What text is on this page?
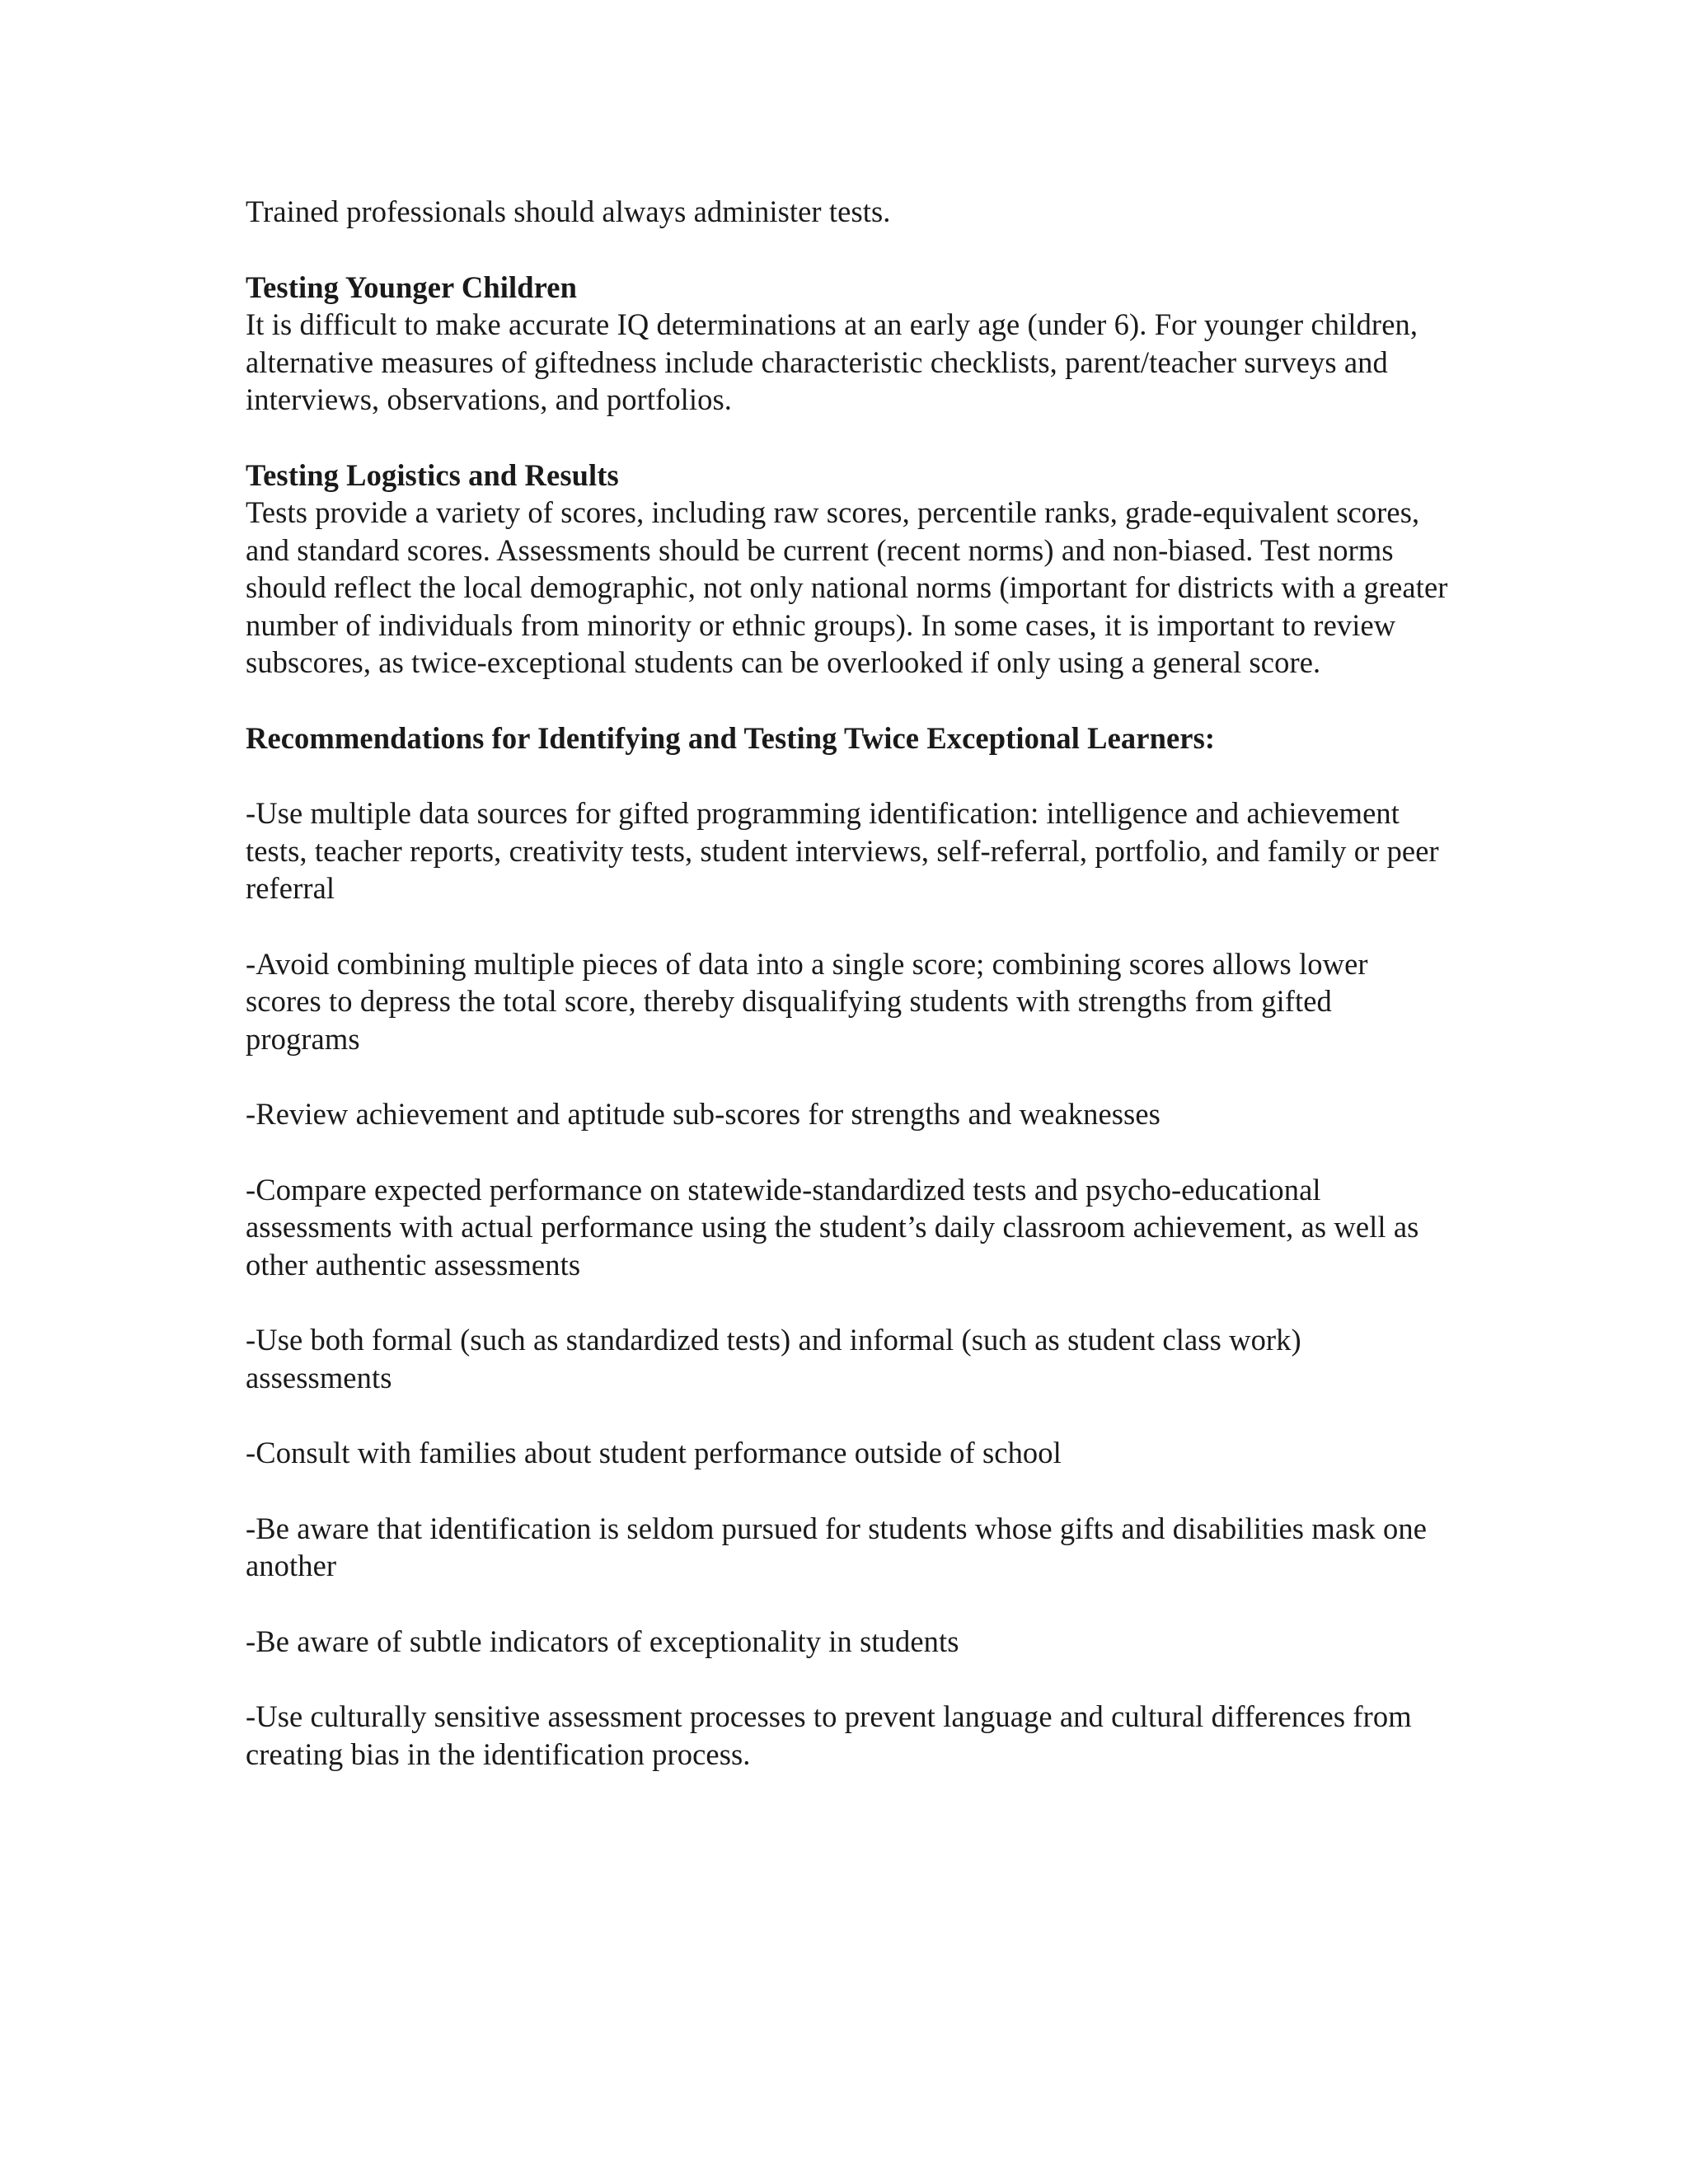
Trained professionals should always administer tests.

Testing Younger Children

It is difficult to make accurate IQ determinations at an early age (under 6). For younger children, alternative measures of giftedness include characteristic checklists, parent/teacher surveys and interviews, observations, and portfolios.

Testing Logistics and Results

Tests provide a variety of scores, including raw scores, percentile ranks, grade-equivalent scores, and standard scores. Assessments should be current (recent norms) and non-biased. Test norms should reflect the local demographic, not only national norms (important for districts with a greater number of individuals from minority or ethnic groups). In some cases, it is important to review subscores, as twice-exceptional students can be overlooked if only using a general score.

Recommendations for Identifying and Testing Twice Exceptional Learners:

-Use multiple data sources for gifted programming identification: intelligence and achievement tests, teacher reports, creativity tests, student interviews, self-referral, portfolio, and family or peer referral

-Avoid combining multiple pieces of data into a single score; combining scores allows lower scores to depress the total score, thereby disqualifying students with strengths from gifted programs

-Review achievement and aptitude sub-scores for strengths and weaknesses

-Compare expected performance on statewide-standardized tests and psycho-educational assessments with actual performance using the student’s daily classroom achievement, as well as other authentic assessments

-Use both formal (such as standardized tests) and informal (such as student class work) assessments

-Consult with families about student performance outside of school

-Be aware that identification is seldom pursued for students whose gifts and disabilities mask one another

-Be aware of subtle indicators of exceptionality in students

-Use culturally sensitive assessment processes to prevent language and cultural differences from creating bias in the identification process.
